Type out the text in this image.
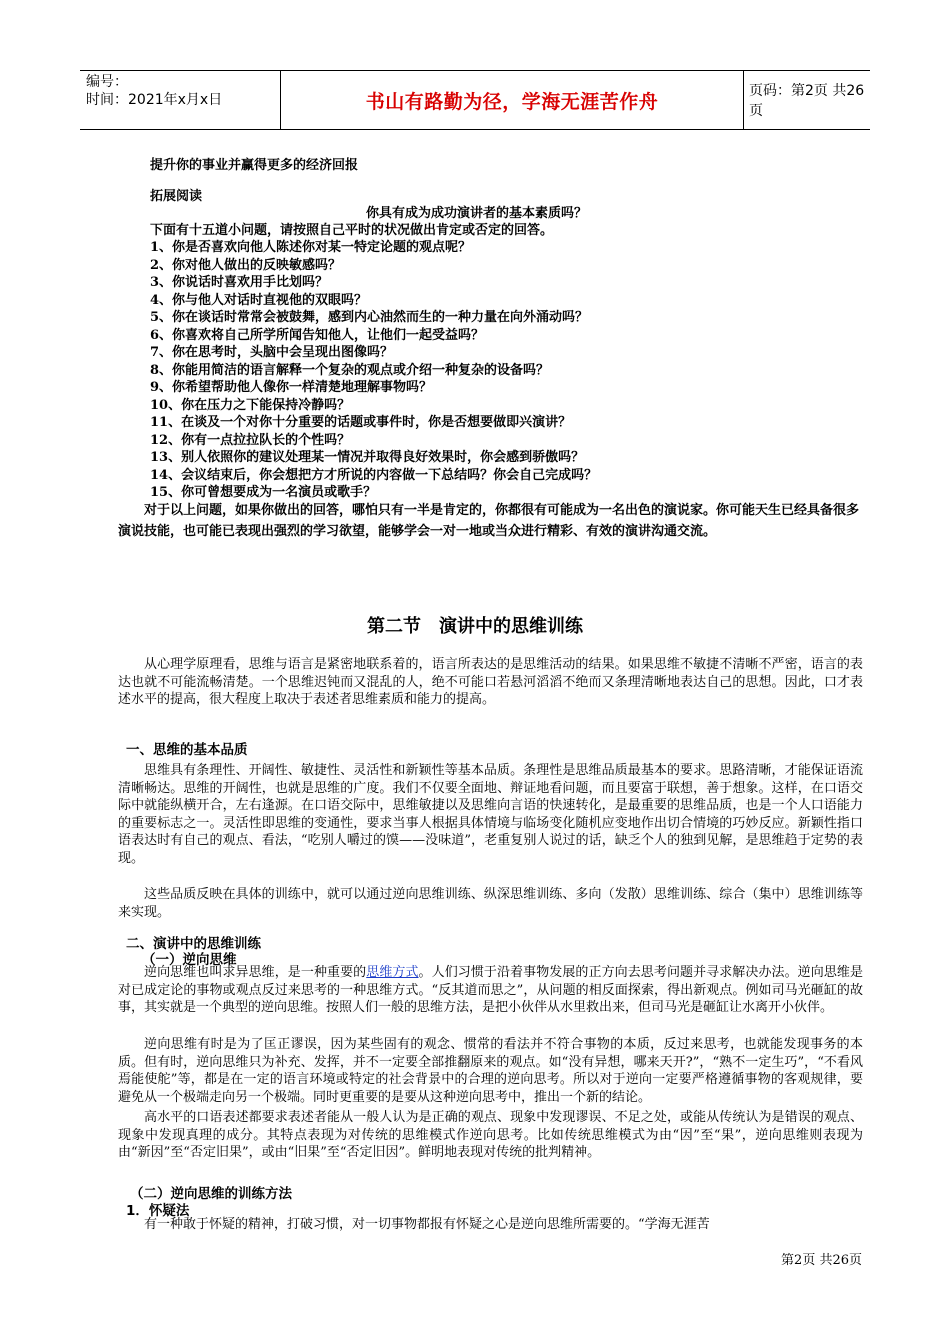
编号：
时间：2021年x月x日	书山有路勤为径，学海无涯苦作舟	页码：第2页 共26页
提升你的事业并赢得更多的经济回报
拓展阅读
你具有成为成功演讲者的基本素质吗？
下面有十五道小问题，请按照自己平时的状况做出肯定或否定的回答。
1、你是否喜欢向他人陈述你对某一特定论题的观点呢？
2、你对他人做出的反映敏感吗？
3、你说话时喜欢用手比划吗？
4、你与他人对话时直视他的双眼吗？
5、你在谈话时常常会被鼓舞，感到内心油然而生的一种力量在向外涌动吗？
6、你喜欢将自己所学所闻告知他人，让他们一起受益吗？
7、你在思考时，头脑中会呈现出图像吗？
8、你能用简洁的语言解释一个复杂的观点或介绍一种复杂的设备吗？
9、你希望帮助他人像你一样清楚地理解事物吗？
10、你在压力之下能保持冷静吗？
11、在谈及一个对你十分重要的话题或事件时，你是否想要做即兴演讲？
12、你有一点拉拉队长的个性吗？
13、别人依照你的建议处理某一情况并取得良好效果时，你会感到骄傲吗？
14、会议结束后，你会想把方才所说的内容做一下总结吗？你会自己完成吗？
15、你可曾想要成为一名演员或歌手？
对于以上问题，如果你做出的回答，哪怕只有一半是肯定的，你都很有可能成为一名出色的演说家。你可能天生已经具备很多演说技能，也可能已表现出强烈的学习欲望，能够学会一对一地或当众进行精彩、有效的演讲沟通交流。
第二节　演讲中的思维训练
从心理学原理看，思维与语言是紧密地联系着的，语言所表达的是思维活动的结果。如果思维不敏捷不清晰不严密，语言的表达也就不可能流畅清楚。一个思维迟钝而又混乱的人，绝不可能口若悬河滔滔不绝而又条理清晰地表达自己的思想。因此，口才表述水平的提高，很大程度上取决于表述者思维素质和能力的提高。
一、思维的基本品质
思维具有条理性、开阔性、敏捷性、灵活性和新颖性等基本品质。条理性是思维品质最基本的要求。思路清晰，才能保证语流清晰畅达。思维的开阔性，也就是思维的广度。我们不仅要全面地、辩证地看问题，而且要富于联想，善于想象。这样，在口语交际中就能纵横开合，左右逢源。在口语交际中，思维敏捷以及思维向言语的快速转化，是最重要的思维品质，也是一个人口语能力的重要标志之一。灵活性即思维的变通性，要求当事人根据具体情境与临场变化随机应变地作出切合情境的巧妙反应。新颖性指口语表达时有自己的观点、看法，“吃别人嚼过的馍——没味道”，老重复别人说过的话，缺乏个人的独到见解，是思维趋于定势的表现。
这些品质反映在具体的训练中，就可以通过逆向思维训练、纵深思维训练、多向（发散）思维训练、综合（集中）思维训练等来实现。
二、演讲中的思维训练
（一）逆向思维
逆向思维也叫求异思维，是一种重要的思维方式。人们习惯于沿着事物发展的正方向去思考问题并寻求解决办法。逆向思维是对已成定论的事物或观点反过来思考的一种思维方式。“反其道而思之”，从问题的相反面探索，得出新观点。例如司马光砸缸的故事，其实就是一个典型的逆向思维。按照人们一般的思维方法，是把小伙伴从水里救出来，但司马光是砸缸让水离开小伙伴。
逆向思维有时是为了匡正谬误，因为某些固有的观念、惯常的看法并不符合事物的本质，反过来思考，也就能发现事务的本质。但有时，逆向思维只为补充、发挥，并不一定要全部推翻原来的观点。如“没有异想，哪来天开?”，“熟不一定生巧”，“不看风焉能使舵”等，都是在一定的语言环境或特定的社会背景中的合理的逆向思考。所以对于逆向一定要严格遵循事物的客观规律，要避免从一个极端走向另一个极端。同时更重要的是要从这种逆向思考中，推出一个新的结论。
高水平的口语表述都要求表述者能从一般人认为是正确的观点、现象中发现谬误、不足之处，或能从传统认为是错误的观点、现象中发现真理的成分。其特点表现为对传统的思维模式作逆向思考。比如传统思维模式为由“因”至“果”，逆向思维则表现为由“新因”至“否定旧果”，或由“旧果”至“否定旧因”。鲜明地表现对传统的批判精神。
（二）逆向思维的训练方法
1．怀疑法
有一种敢于怀疑的精神，打破习惯，对一切事物都报有怀疑之心是逆向思维所需要的。“学海无涯苦
第2页 共26页
